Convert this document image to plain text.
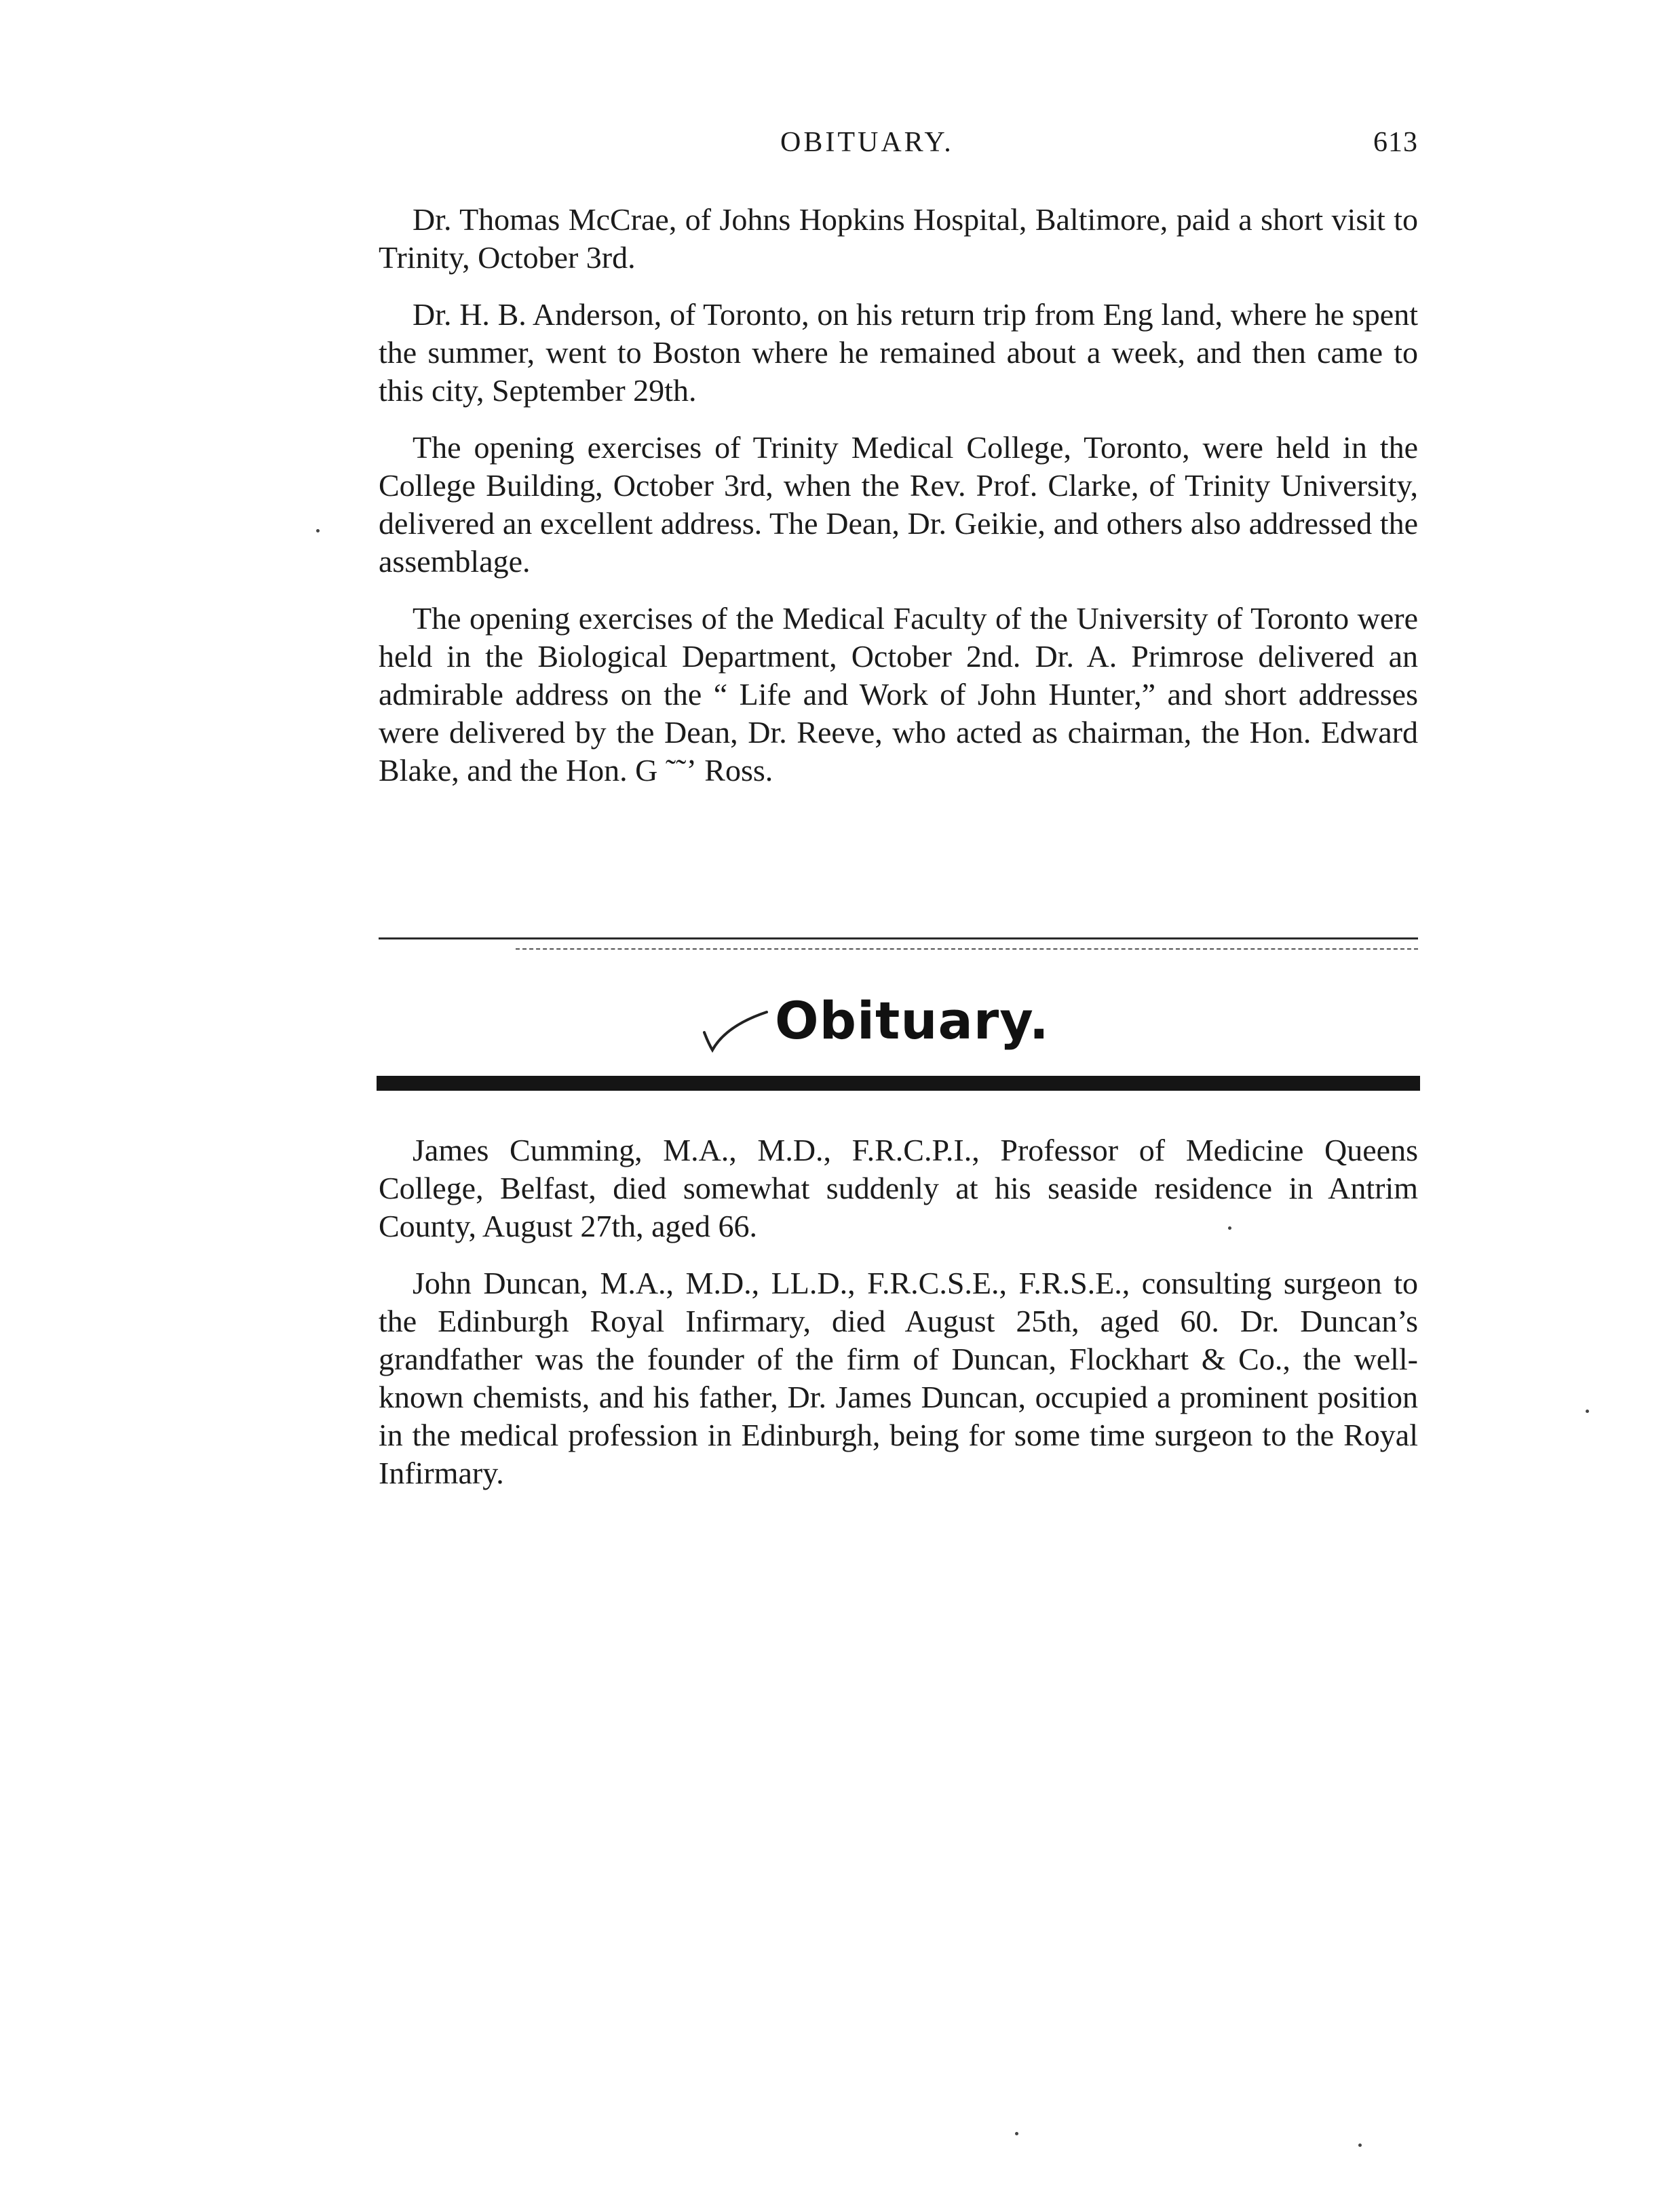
OBITUARY.	613

Dr. Thomas McCrae, of Johns Hopkins Hospital, Baltimore, paid a short visit to Trinity, October 3rd.

Dr. H. B. Anderson, of Toronto, on his return trip from Eng land, where he spent the summer, went to Boston where he remained about a week, and then came to this city, September 29th.

The opening exercises of Trinity Medical College, Toronto, were held in the College Building, October 3rd, when the Rev. Prof. Clarke, of Trinity University, delivered an excellent address. The Dean, Dr. Geikie, and others also addressed the assemblage.

The opening exercises of the Medical Faculty of the University of Toronto were held in the Biological Department, October 2nd. Dr. A. Primrose delivered an admirable address on the “ Life and Work of John Hunter,” and short addresses were delivered by the Dean, Dr. Reeve, who acted as chairman, the Hon. Edward Blake, and the Hon. G ˜˜ʼ Ross.

Obituary.

James Cumming, M.A., M.D., F.R.C.P.I., Professor of Medicine Queens College, Belfast, died somewhat suddenly at his seaside residence in Antrim County, August 27th, aged 66.

John Duncan, M.A., M.D., LL.D., F.R.C.S.E., F.R.S.E., consulting surgeon to the Edinburgh Royal Infirmary, died August 25th, aged 60. Dr. Duncan’s grandfather was the founder of the firm of Duncan, Flockhart & Co., the well-known chemists, and his father, Dr. James Duncan, occupied a prominent position in the medical profession in Edinburgh, being for some time surgeon to the Royal Infirmary.
